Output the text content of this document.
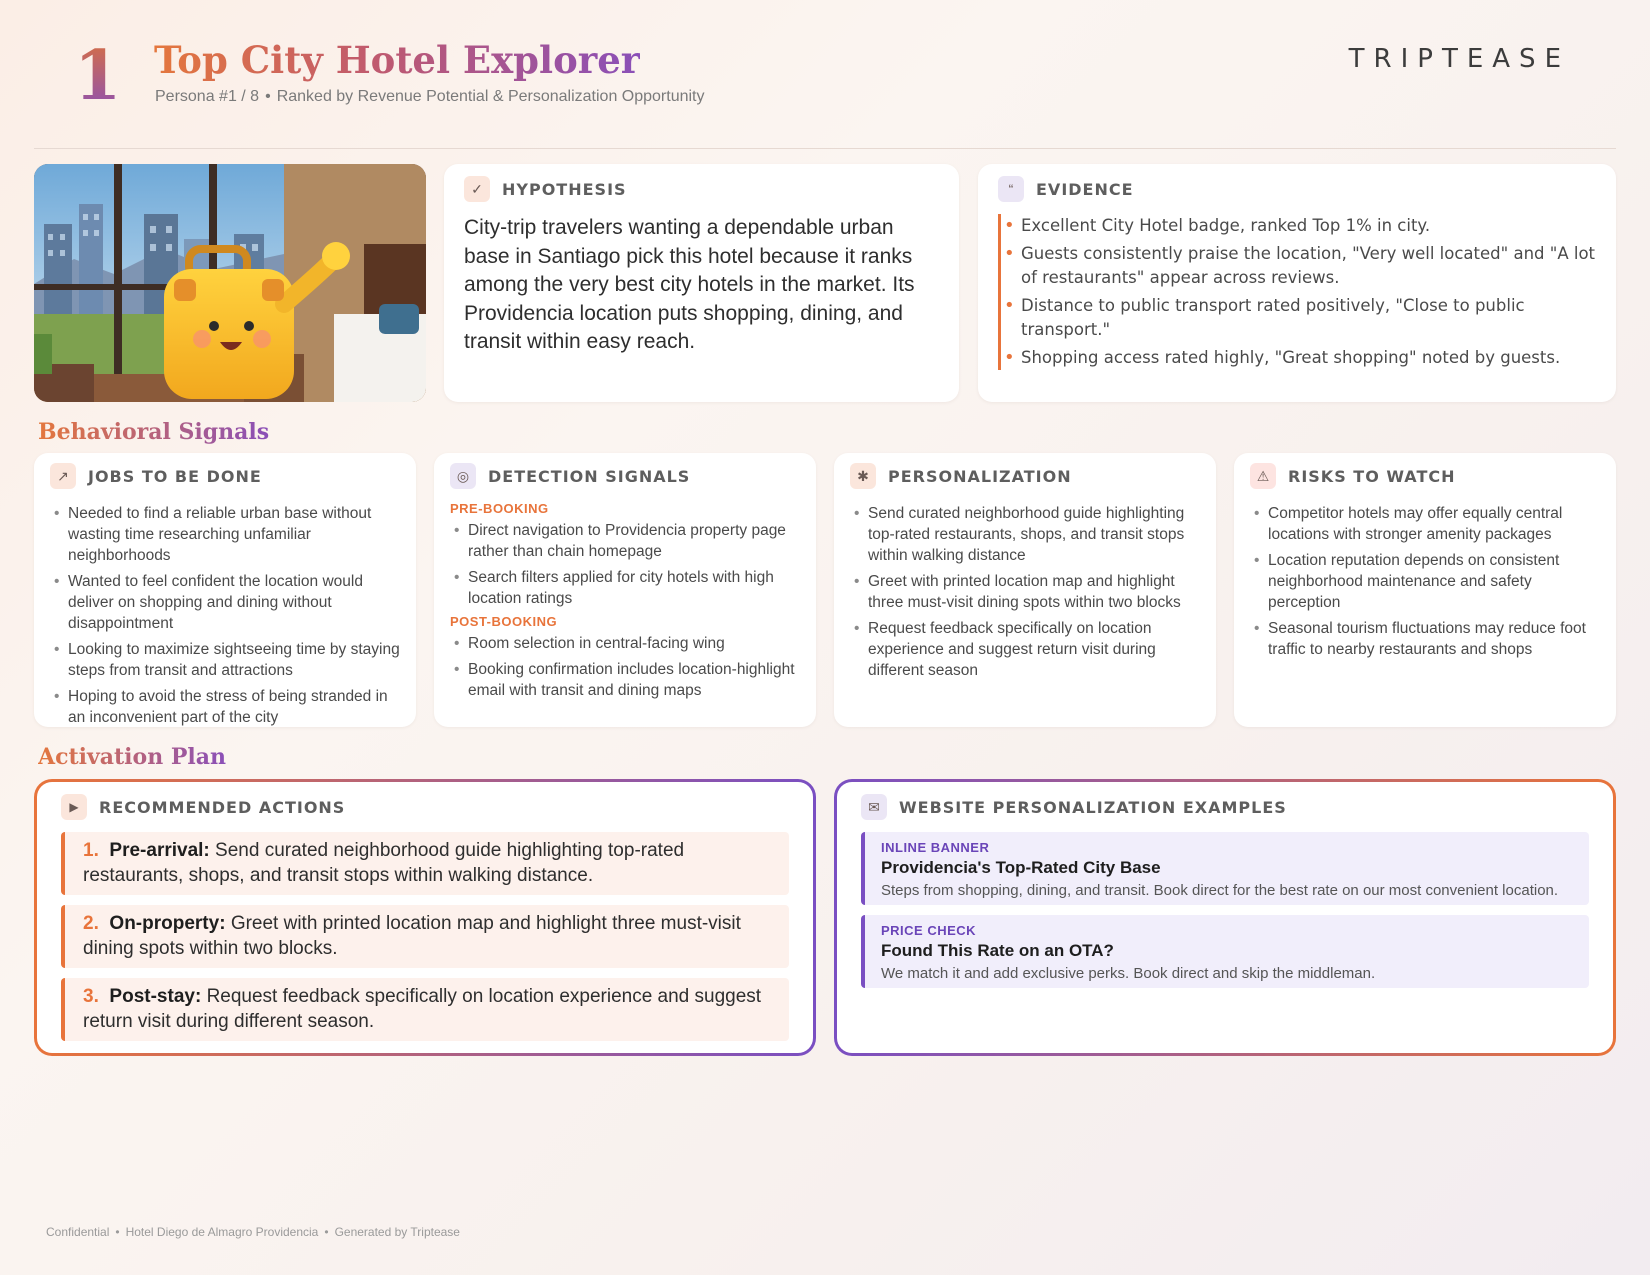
1 Top City Hotel Explorer
Persona #1 / 8 • Ranked by Revenue Potential & Personalization Opportunity
TRIPTEASE
✓	HYPOTHESIS

City-trip travelers wanting a dependable urban base in Santiago pick this hotel because it ranks among the very best city hotels in the market. Its Providencia location puts shopping, dining, and transit within easy reach.

“	EVIDENCE
• Excellent City Hotel badge, ranked Top 1% in city.
• Guests consistently praise the location, "Very well located" and "A lot of restaurants" appear across reviews.
• Distance to public transport rated positively, "Close to public transport."
• Shopping access rated highly, "Great shopping" noted by guests.
Behavioral Signals
↗	JOBS TO BE DONE
• Needed to find a reliable urban base without wasting time researching unfamiliar neighborhoods
• Wanted to feel confident the location would deliver on shopping and dining without disappointment
• Looking to maximize sightseeing time by staying steps from transit and attractions
• Hoping to avoid the stress of being stranded in an inconvenient part of the city
◎	DETECTION SIGNALS
PRE-BOOKING
• Direct navigation to Providencia property page rather than chain homepage
• Search filters applied for city hotels with high location ratings
POST-BOOKING
• Room selection in central-facing wing
• Booking confirmation includes location-highlight email with transit and dining maps
✱	PERSONALIZATION
• Send curated neighborhood guide highlighting top-rated restaurants, shops, and transit stops within walking distance
• Greet with printed location map and highlight three must-visit dining spots within two blocks
• Request feedback specifically on location experience and suggest return visit during different season
⚠	RISKS TO WATCH
• Competitor hotels may offer equally central locations with stronger amenity packages
• Location reputation depends on consistent neighborhood maintenance and safety perception
• Seasonal tourism fluctuations may reduce foot traffic to nearby restaurants and shops
Activation Plan
▶	RECOMMENDED ACTIONS
1. Pre-arrival: Send curated neighborhood guide highlighting top-rated restaurants, shops, and transit stops within walking distance.
2. On-property: Greet with printed location map and highlight three must-visit dining spots within two blocks.
3. Post-stay: Request feedback specifically on location experience and suggest return visit during different season.
✉	WEBSITE PERSONALIZATION EXAMPLES
INLINE BANNER
Providencia's Top-Rated City Base
Steps from shopping, dining, and transit. Book direct for the best rate on our most convenient location.
PRICE CHECK
Found This Rate on an OTA?
We match it and add exclusive perks. Book direct and skip the middleman.
Confidential • Hotel Diego de Almagro Providencia • Generated by Triptease
